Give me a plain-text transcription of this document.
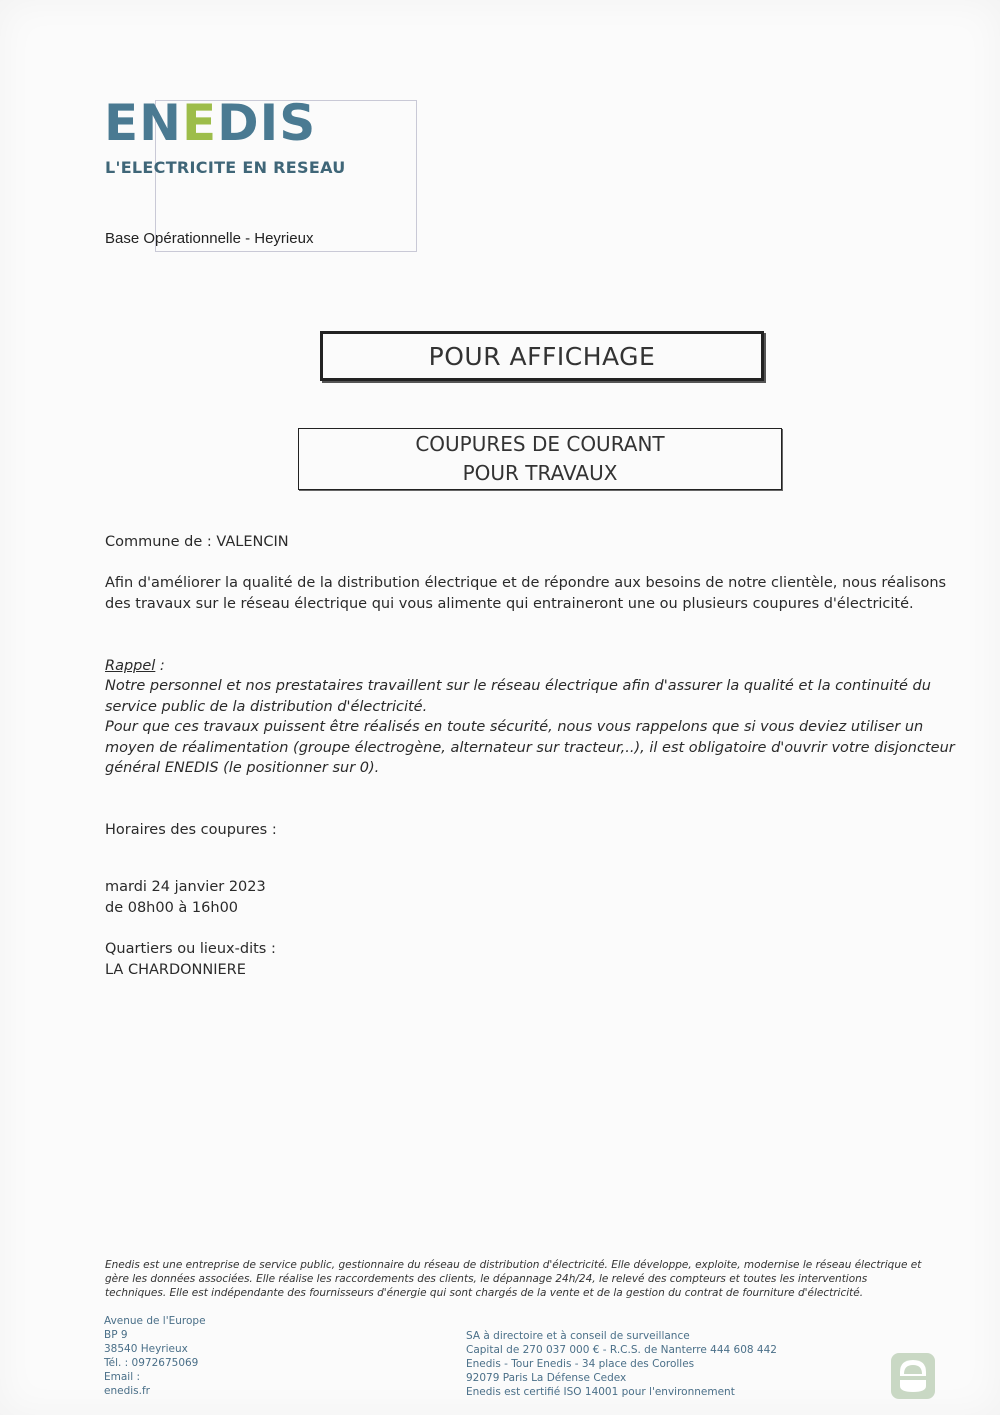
ENEDIS
L'ELECTRICITE EN RESEAU
Base Opérationnelle - Heyrieux
POUR AFFICHAGE
COUPURES DE COURANT
POUR TRAVAUX
Commune de : VALENCIN
Afin d'améliorer la qualité de la distribution électrique et de répondre aux besoins de notre clientèle, nous réalisons des travaux sur le réseau électrique qui vous alimente qui entraineront une ou plusieurs coupures d'électricité.
Rappel :
Notre personnel et nos prestataires travaillent sur le réseau électrique afin d'assurer la qualité et la continuité du service public de la distribution d'électricité.
Pour que ces travaux puissent être réalisés en toute sécurité, nous vous rappelons que si vous deviez utiliser un moyen de réalimentation (groupe électrogène, alternateur sur tracteur,..), il est obligatoire d'ouvrir votre disjoncteur général ENEDIS (le positionner sur 0).
Horaires des coupures :
mardi 24 janvier 2023
de 08h00 à 16h00
Quartiers ou lieux-dits :
LA CHARDONNIERE
Enedis est une entreprise de service public, gestionnaire du réseau de distribution d'électricité. Elle développe, exploite, modernise le réseau électrique et gère les données associées. Elle réalise les raccordements des clients, le dépannage 24h/24, le relevé des compteurs et toutes les interventions techniques. Elle est indépendante des fournisseurs d'énergie qui sont chargés de la vente et de la gestion du contrat de fourniture d'électricité.
Avenue de l'Europe
BP 9
38540 Heyrieux
Tél. : 0972675069
Email :
enedis.fr
SA à directoire et à conseil de surveillance
Capital de 270 037 000 € - R.C.S. de Nanterre 444 608 442
Enedis - Tour Enedis - 34 place des Corolles
92079 Paris La Défense Cedex
Enedis est certifié ISO 14001 pour l'environnement
